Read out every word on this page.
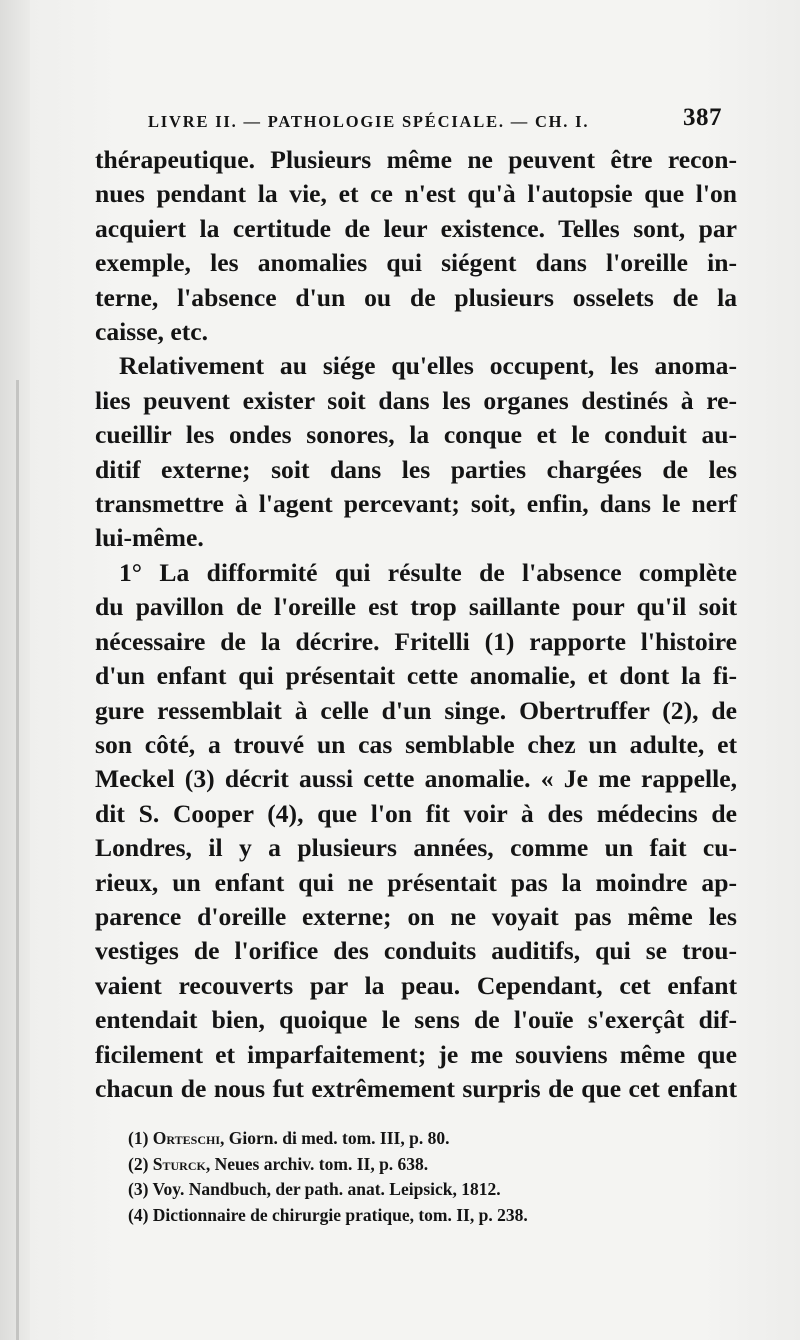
LIVRE II. — PATHOLOGIE SPÉCIALE. — CH. I.	387
thérapeutique. Plusieurs même ne peuvent être recon-
nues pendant la vie, et ce n'est qu'à l'autopsie que l'on
acquiert la certitude de leur existence. Telles sont, par
exemple, les anomalies qui siégent dans l'oreille in-
terne, l'absence d'un ou de plusieurs osselets de la
caisse, etc.
Relativement au siége qu'elles occupent, les anoma-
lies peuvent exister soit dans les organes destinés à re-
cueillir les ondes sonores, la conque et le conduit au-
ditif externe; soit dans les parties chargées de les
transmettre à l'agent percevant; soit, enfin, dans le nerf
lui-même.
1° La difformité qui résulte de l'absence complète
du pavillon de l'oreille est trop saillante pour qu'il soit
nécessaire de la décrire. Fritelli (1) rapporte l'histoire
d'un enfant qui présentait cette anomalie, et dont la fi-
gure ressemblait à celle d'un singe. Obertruffer (2), de
son côté, a trouvé un cas semblable chez un adulte, et
Meckel (3) décrit aussi cette anomalie. « Je me rappelle,
dit S. Cooper (4), que l'on fit voir à des médecins de
Londres, il y a plusieurs années, comme un fait cu-
rieux, un enfant qui ne présentait pas la moindre ap-
parence d'oreille externe; on ne voyait pas même les
vestiges de l'orifice des conduits auditifs, qui se trou-
vaient recouverts par la peau. Cependant, cet enfant
entendait bien, quoique le sens de l'ouïe s'exerçât dif-
ficilement et imparfaitement; je me souviens même que
chacun de nous fut extrêmement surpris de que cet enfant
(1) Orteschi, Giorn. di med. tom. III, p. 80.
(2) Sturck, Neues archiv. tom. II, p. 638.
(3) Voy. Nandbuch, der path. anat. Leipsick, 1812.
(4) Dictionnaire de chirurgie pratique, tom. II, p. 238.
